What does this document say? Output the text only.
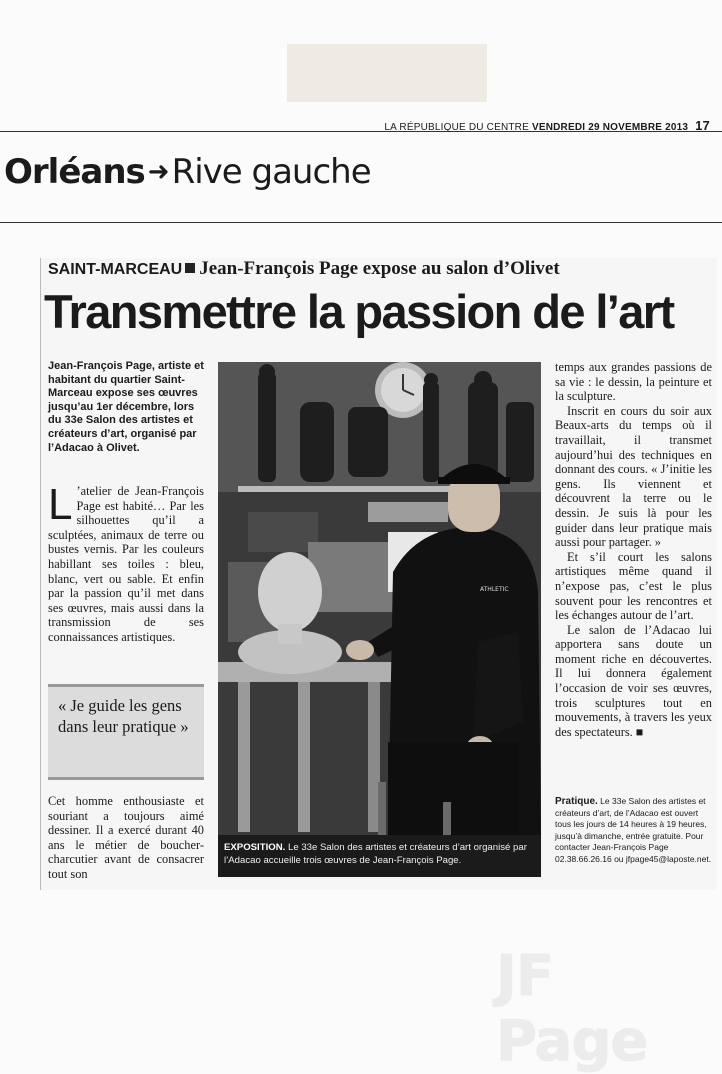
LA RÉPUBLIQUE DU CENTRE VENDREDI 29 NOVEMBRE 2013 17
Orléans ➜Rive gauche
SAINT-MARCEAU Jean-François Page expose au salon d’Olivet
Transmettre la passion de l’art
Jean-François Page, artiste et habitant du quartier Saint-Marceau expose ses œuvres jusqu’au 1er décembre, lors du 33e Salon des artistes et créateurs d’art, organisé par l’Adacao à Olivet.
L ’atelier de Jean-François Page est habité… Par les silhouettes qu’il a sculptées, animaux de terre ou bustes vernis. Par les couleurs habillant ses toiles : bleu, blanc, vert ou sable. Et enfin par la passion qu’il met dans ses œuvres, mais aussi dans la transmission de ses connaissances artistiques.

« Je guide les gens dans leur pratique »

Cet homme enthousiaste et souriant a toujours aimé dessiner. Il a exercé durant 40 ans le métier de boucher-charcutier avant de consacrer tout son

ATHLETIC
EXPOSITION. Le 33e Salon des artistes et créateurs d’art organisé par l’Adacao accueille trois œuvres de Jean-François Page.

temps aux grandes passions de sa vie : le dessin, la peinture et la sculpture.

Inscrit en cours du soir aux Beaux-arts du temps où il travaillait, il transmet aujourd’hui des techniques en donnant des cours. « J’initie les gens. Ils viennent et découvrent la terre ou le dessin. Je suis là pour les guider dans leur pratique mais aussi pour partager. »

Et s’il court les salons artistiques même quand il n’expose pas, c’est le plus souvent pour les rencontres et les échanges autour de l’art.

Le salon de l’Adacao lui apportera sans doute un moment riche en découvertes. Il lui donnera également l’occasion de voir ses œuvres, trois sculptures tout en mouvements, à travers les yeux des spectateurs. ■

Pratique. Le 33e Salon des artistes et créateurs d’art, de l’Adacao est ouvert tous les jours de 14 heures à 19 heures, jusqu’à dimanche, entrée gratuite. Pour contacter Jean-François Page 02.38.66.26.16 ou jfpage45@laposte.net.
JF Page
